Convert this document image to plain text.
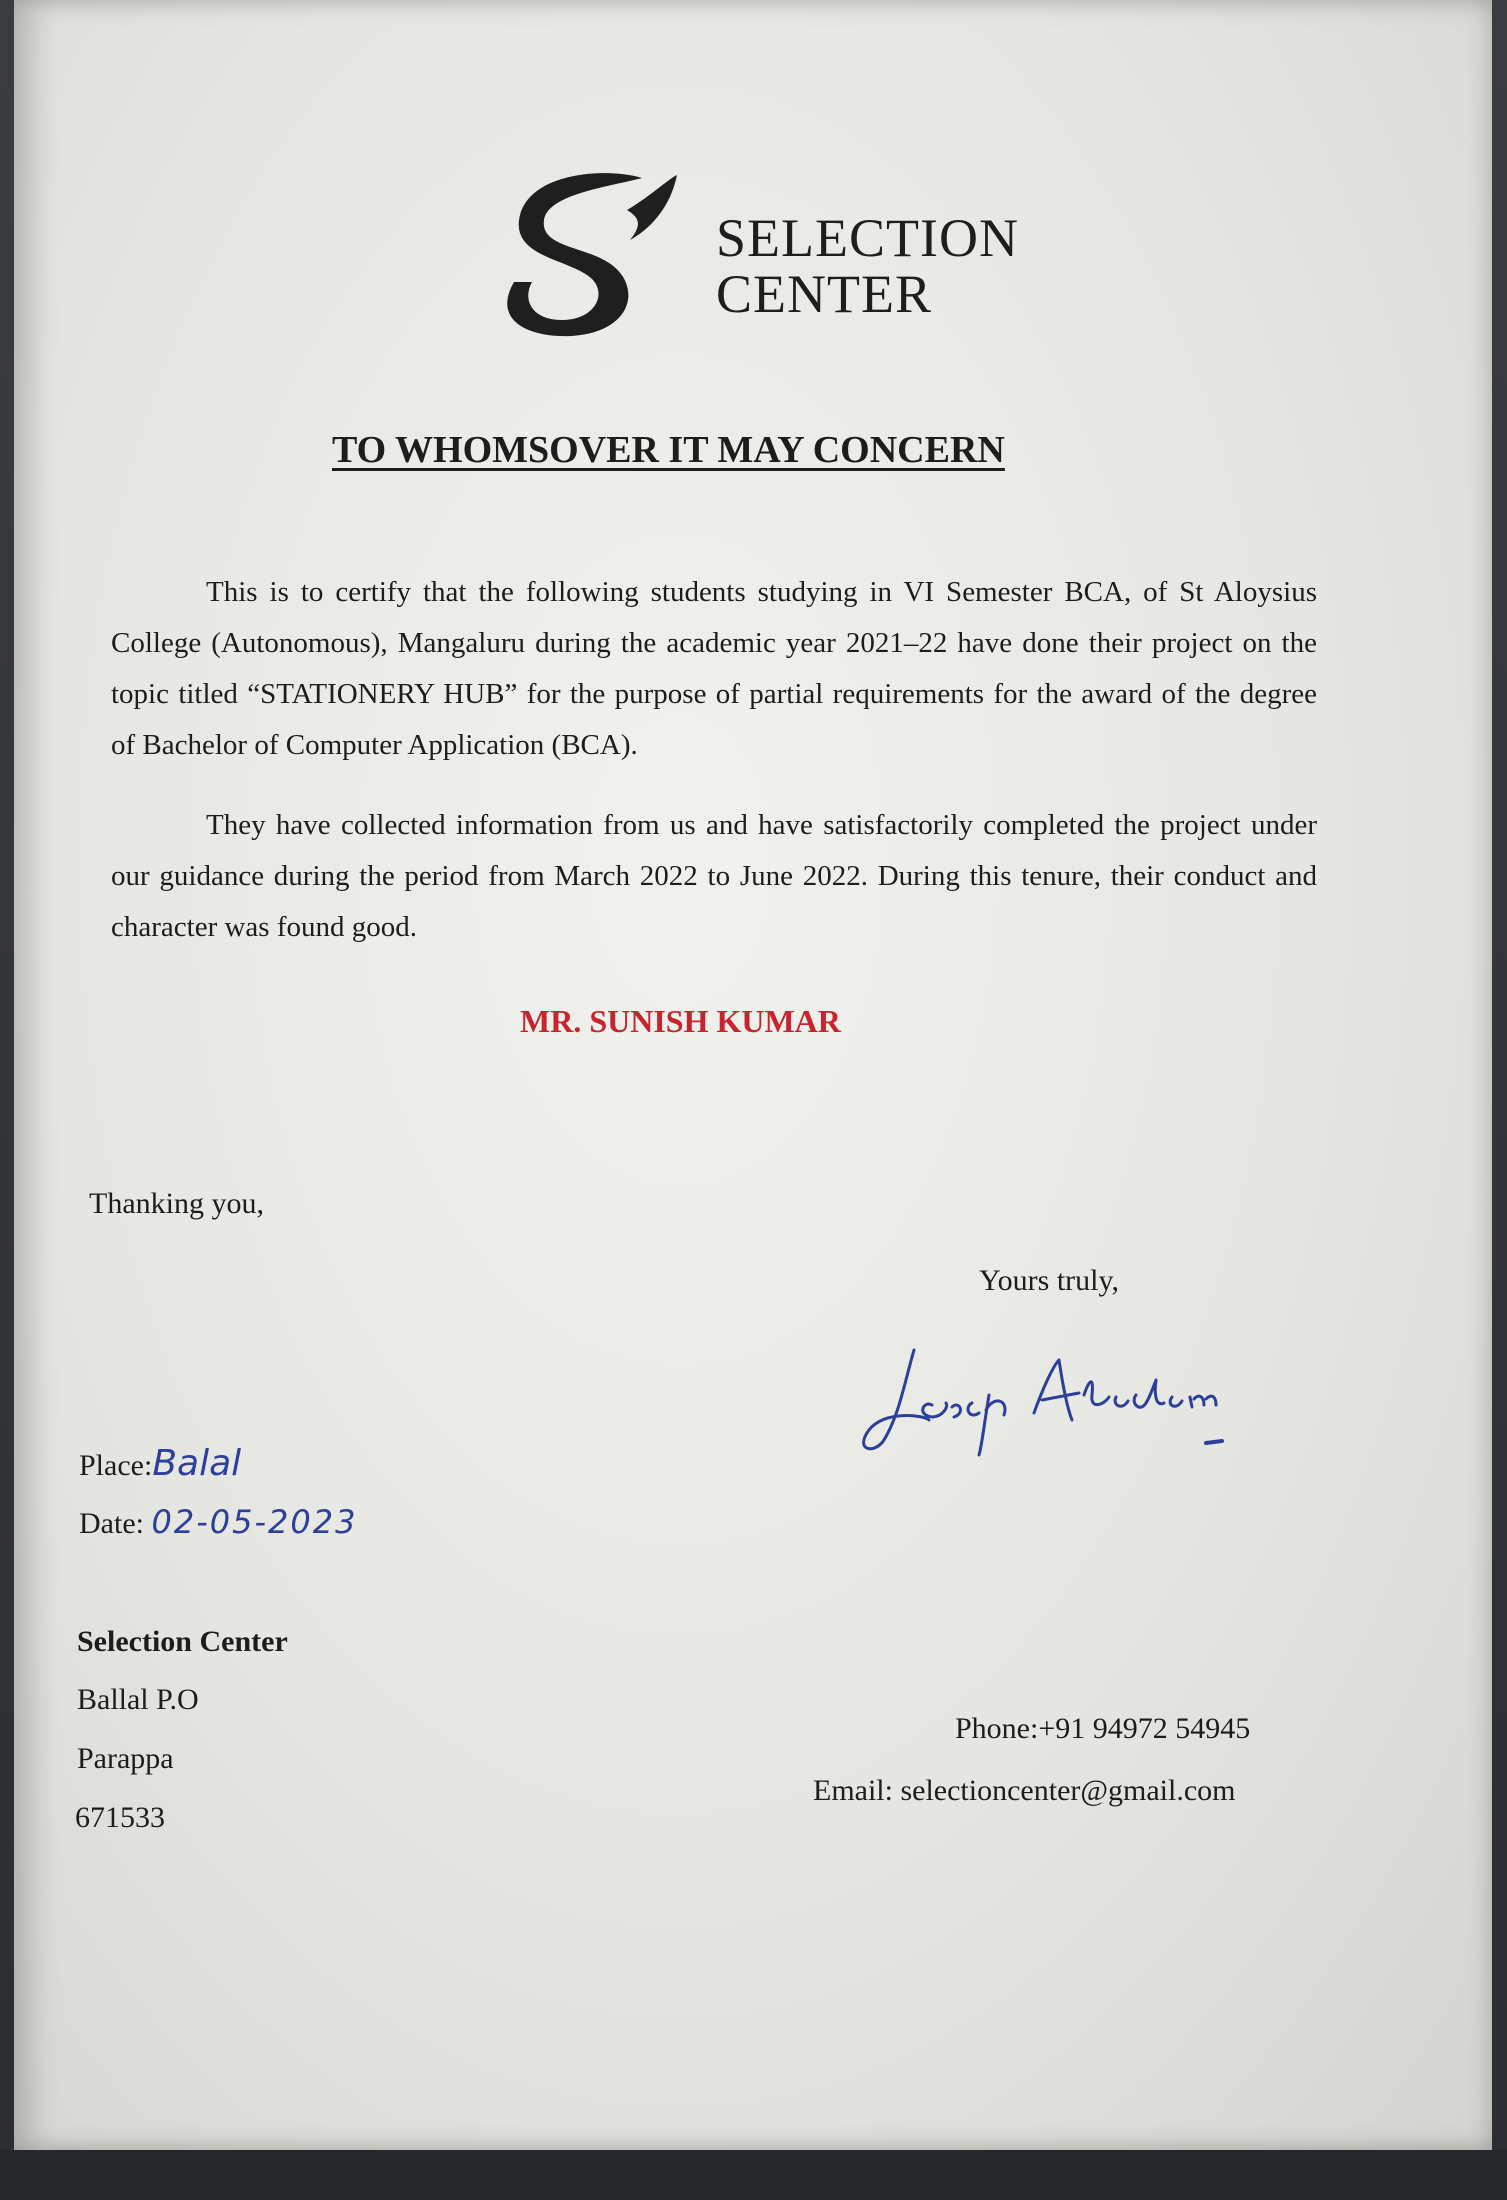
SELECTION
CENTER
TO WHOMSOVER IT MAY CONCERN

This is to certify that the following students studying in VI Semester BCA, of St Aloysius College (Autonomous), Mangaluru during the academic year 2021–22 have done their project on the topic titled “STATIONERY HUB” for the purpose of partial requirements for the award of the degree of Bachelor of Computer Application (BCA).

They have collected information from us and have satisfactorily completed the project under our guidance during the period from March 2022 to June 2022. During this tenure, their conduct and character was found good.

MR. SUNISH KUMAR
Thanking you,
Yours truly,
Place:Balal
Date: 02-05-2023
Selection Center
Ballal P.O
Parappa
671533
Phone:+91 94972 54945
Email: selectioncenter@gmail.com
